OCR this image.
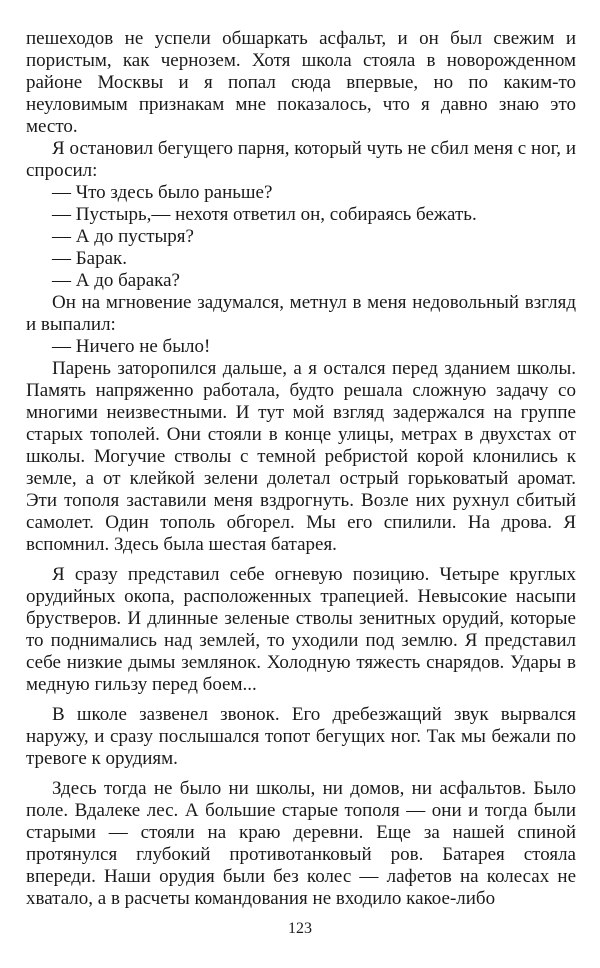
пешеходов не успели обшаркать асфальт, и он был свежим и пористым, как чернозем. Хотя школа стояла в новорожденном районе Москвы и я попал сюда впервые, но по каким-то неуловимым признакам мне показалось, что я давно знаю это место.

Я остановил бегущего парня, который чуть не сбил меня с ног, и спросил:

— Что здесь было раньше?

— Пустырь,— нехотя ответил он, собираясь бежать.

— А до пустыря?

— Барак.

— А до барака?

Он на мгновение задумался, метнул в меня недовольный взгляд и выпалил:

— Ничего не было!

Парень заторопился дальше, а я остался перед зданием школы. Память напряженно работала, будто решала сложную задачу со многими неизвестными. И тут мой взгляд задержался на группе старых тополей. Они стояли в конце улицы, метрах в двухстах от школы. Могучие стволы с темной ребристой корой клонились к земле, а от клейкой зелени долетал острый горьковатый аромат. Эти тополя заставили меня вздрогнуть. Возле них рухнул сбитый самолет. Один тополь обгорел. Мы его спилили. На дрова. Я вспомнил. Здесь была шестая батарея.

Я сразу представил себе огневую позицию. Четыре круглых орудийных окопа, расположенных трапецией. Невысокие насыпи брустверов. И длинные зеленые стволы зенитных орудий, которые то поднимались над землей, то уходили под землю. Я представил себе низкие дымы землянок. Холодную тяжесть снарядов. Удары в медную гильзу перед боем...

В школе зазвенел звонок. Его дребезжащий звук вырвался наружу, и сразу послышался топот бегущих ног. Так мы бежали по тревоге к орудиям.

Здесь тогда не было ни школы, ни домов, ни асфальтов. Было поле. Вдалеке лес. А большие старые тополя — они и тогда были старыми — стояли на краю деревни. Еще за нашей спиной протянулся глубокий противотанковый ров. Батарея стояла впереди. Наши орудия были без колес — лафетов на колесах не хватало, а в расчеты командования не входило какое-либо

123
